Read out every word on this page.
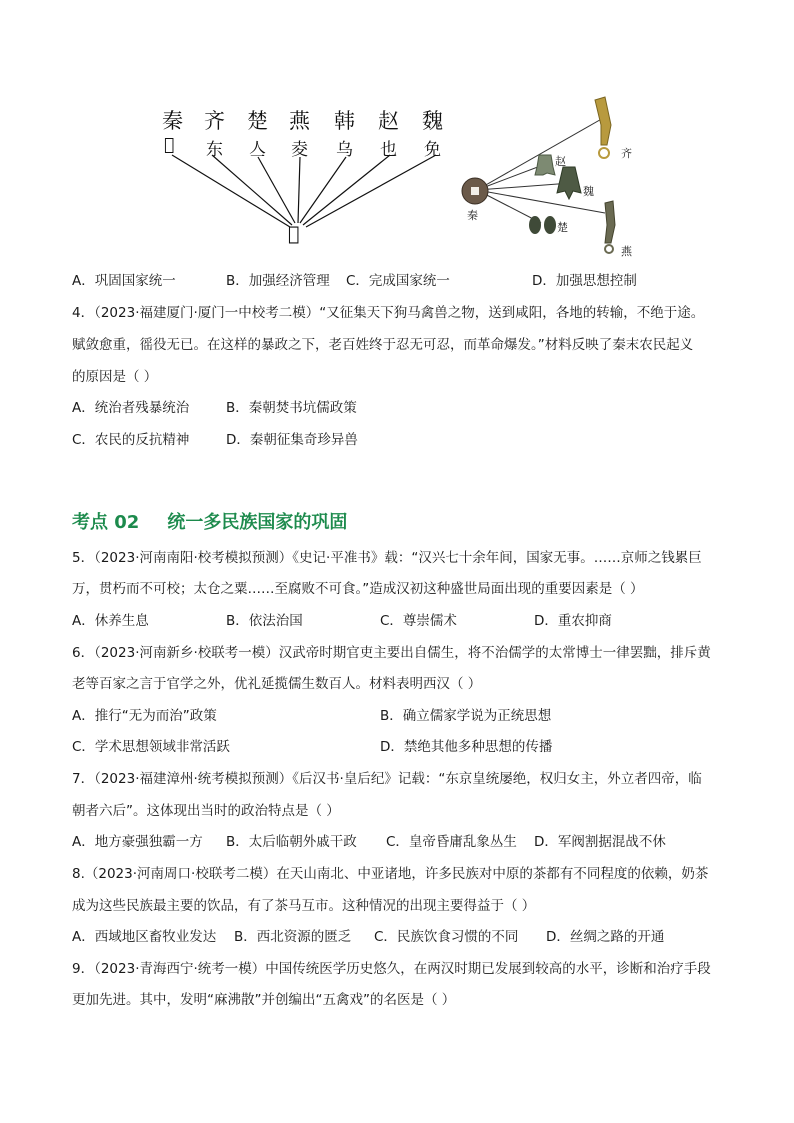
秦 齐 楚 燕 韩 赵 魏
𡦓 东 亼 夌 乌 也 免
𡦓
秦
赵
齐
魏
楚
燕
A．巩固国家统一	B．加强经济管理 C．完成国家统一	D．加强思想控制
4．（2023·福建厦门·厦门一中校考二模）“又征集天下狗马禽兽之物，送到咸阳，各地的转输，不绝于途。
赋敛愈重，徭役无已。在这样的暴政之下，老百姓终于忍无可忍，而革命爆发。”材料反映了秦末农民起义
的原因是（ ）
A．统治者残暴统治	B．秦朝焚书坑儒政策
C．农民的反抗精神	D．秦朝征集奇珍异兽
考点 02 统一多民族国家的巩固
5．（2023·河南南阳·校考模拟预测）《史记·平准书》载：“汉兴七十余年间，国家无事。……京师之钱累巨
万，贯朽而不可校；太仓之粟……至腐败不可食。”造成汉初这种盛世局面出现的重要因素是（ ）
A．休养生息	B．依法治国	C．尊崇儒术	D．重农抑商
6．（2023·河南新乡·校联考一模）汉武帝时期官吏主要出自儒生，将不治儒学的太常博士一律罢黜，排斥黄
老等百家之言于官学之外，优礼延揽儒生数百人。材料表明西汉（ ）
A．推行“无为而治”政策	B．确立儒家学说为正统思想
C．学术思想领域非常活跃	D．禁绝其他多种思想的传播
7．（2023·福建漳州·统考模拟预测）《后汉书·皇后纪》记载：“东京皇统屡绝，权归女主，外立者四帝，临
朝者六后”。这体现出当时的政治特点是（ ）
A．地方豪强独霸一方 B．太后临朝外戚干政 C．皇帝昏庸乱象丛生 D．军阀割据混战不休
8.（2023·河南周口·校联考二模）在天山南北、中亚诸地，许多民族对中原的茶都有不同程度的依赖，奶茶
成为这些民族最主要的饮品，有了茶马互市。这种情况的出现主要得益于（ ）
A．西域地区畜牧业发达 B．西北资源的匮乏 C．民族饮食习惯的不同 D．丝绸之路的开通
9．（2023·青海西宁·统考一模）中国传统医学历史悠久，在两汉时期已发展到较高的水平，诊断和治疗手段
更加先进。其中，发明“麻沸散”并创编出“五禽戏”的名医是（ ）
